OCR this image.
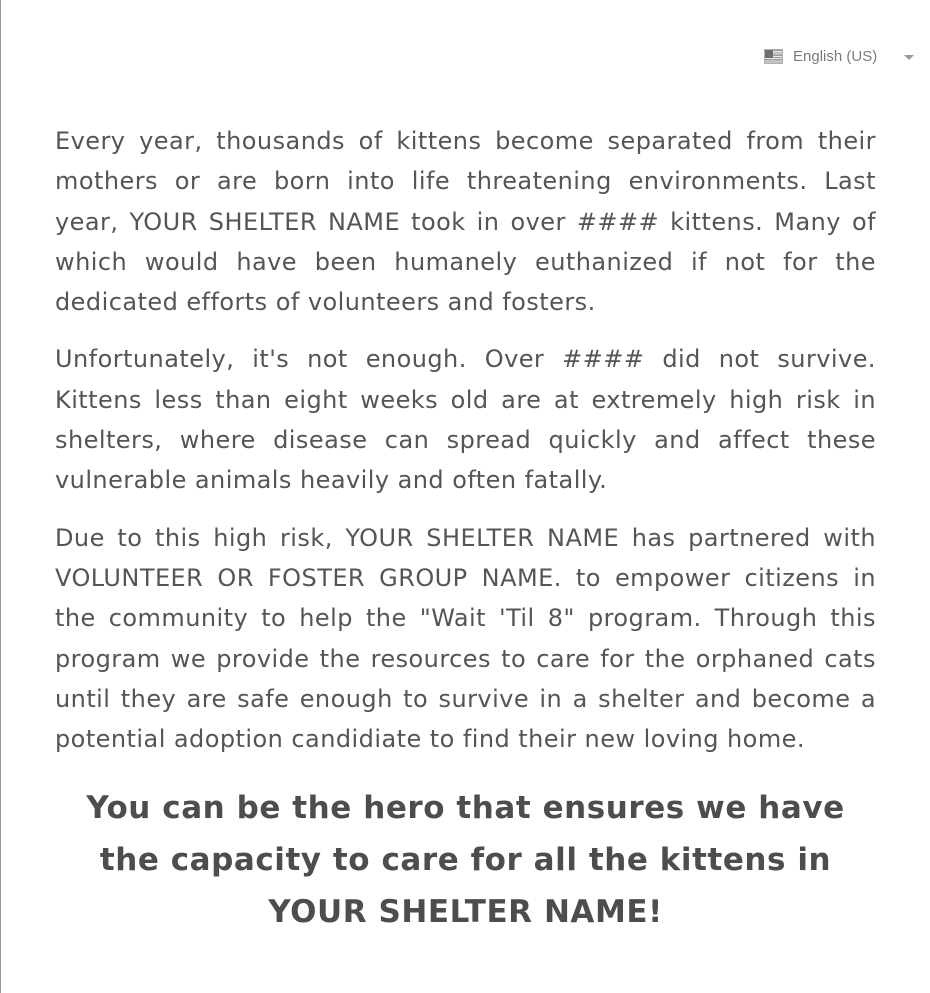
English (US)

Every year, thousands of kittens become separated from their mothers or are born into life threatening environments. Last year, YOUR SHELTER NAME took in over #### kittens. Many of which would have been humanely euthanized if not for the dedicated efforts of volunteers and fosters.

Unfortunately, it's not enough. Over #### did not survive. Kittens less than eight weeks old are at extremely high risk in shelters, where disease can spread quickly and affect these vulnerable animals heavily and often fatally.

Due to this high risk, YOUR SHELTER NAME has partnered with VOLUNTEER OR FOSTER GROUP NAME. to empower citizens in the community to help the "Wait 'Til 8" program. Through this program we provide the resources to care for the orphaned cats until they are safe enough to survive in a shelter and become a potential adoption candidiate to find their new loving home.

You can be the hero that ensures we have
the capacity to care for all the kittens in
YOUR SHELTER NAME!
